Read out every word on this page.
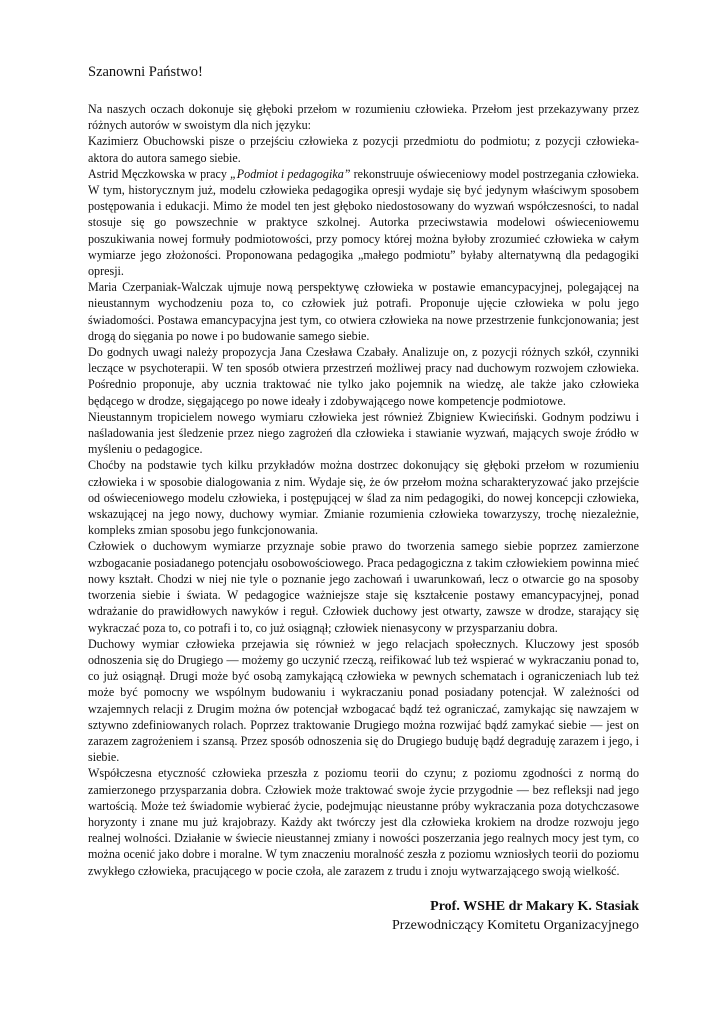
Szanowni Państwo!

Na naszych oczach dokonuje się głęboki przełom w rozumieniu człowieka. Przełom jest przekazywany przez różnych autorów w swoistym dla nich języku:

Kazimierz Obuchowski pisze o przejściu człowieka z pozycji przedmiotu do podmiotu; z pozycji człowieka-aktora do autora samego siebie.

Astrid Męczkowska w pracy „Podmiot i pedagogika” rekonstruuje oświeceniowy model postrzegania człowieka. W tym, historycznym już, modelu człowieka pedagogika opresji wydaje się być jedynym właściwym sposobem postępowania i edukacji. Mimo że model ten jest głęboko niedostosowany do wyzwań współczesności, to nadal stosuje się go powszechnie w praktyce szkolnej. Autorka przeciwstawia modelowi oświeceniowemu poszukiwania nowej formuły podmiotowości, przy pomocy której można byłoby zrozumieć człowieka w całym wymiarze jego złożoności. Proponowana pedagogika „małego podmiotu” byłaby alternatywną dla pedagogiki opresji.

Maria Czerpaniak-Walczak ujmuje nową perspektywę człowieka w postawie emancypacyjnej, polegającej na nieustannym wychodzeniu poza to, co człowiek już potrafi. Proponuje ujęcie człowieka w polu jego świadomości. Postawa emancypacyjna jest tym, co otwiera człowieka na nowe przestrzenie funkcjonowania; jest drogą do sięgania po nowe i po budowanie samego siebie.

Do godnych uwagi należy propozycja Jana Czesława Czabały. Analizuje on, z pozycji różnych szkół, czynniki leczące w psychoterapii. W ten sposób otwiera przestrzeń możliwej pracy nad duchowym rozwojem człowieka. Pośrednio proponuje, aby ucznia traktować nie tylko jako pojemnik na wiedzę, ale także jako człowieka będącego w drodze, sięgającego po nowe ideały i zdobywającego nowe kompetencje podmiotowe.

Nieustannym tropicielem nowego wymiaru człowieka jest również Zbigniew Kwieciński. Godnym podziwu i naśladowania jest śledzenie przez niego zagrożeń dla człowieka i stawianie wyzwań, mających swoje źródło w myśleniu o pedagogice.

Choćby na podstawie tych kilku przykładów można dostrzec dokonujący się głęboki przełom w rozumieniu człowieka i w sposobie dialogowania z nim. Wydaje się, że ów przełom można scharakteryzować jako przejście od oświeceniowego modelu człowieka, i postępującej w ślad za nim pedagogiki, do nowej koncepcji człowieka, wskazującej na jego nowy, duchowy wymiar. Zmianie rozumienia człowieka towarzyszy, trochę niezależnie, kompleks zmian sposobu jego funkcjonowania.

Człowiek o duchowym wymiarze przyznaje sobie prawo do tworzenia samego siebie poprzez zamierzone wzbogacanie posiadanego potencjału osobowościowego. Praca pedagogiczna z takim człowiekiem powinna mieć nowy kształt. Chodzi w niej nie tyle o poznanie jego zachowań i uwarunkowań, lecz o otwarcie go na sposoby tworzenia siebie i świata. W pedagogice ważniejsze staje się kształcenie postawy emancypacyjnej, ponad wdrażanie do prawidłowych nawyków i reguł. Człowiek duchowy jest otwarty, zawsze w drodze, starający się wykraczać poza to, co potrafi i to, co już osiągnął; człowiek nienasycony w przysparzaniu dobra.

Duchowy wymiar człowieka przejawia się również w jego relacjach społecznych. Kluczowy jest sposób odnoszenia się do Drugiego — możemy go uczynić rzeczą, reifikować lub też wspierać w wykraczaniu ponad to, co już osiągnął. Drugi może być osobą zamykającą człowieka w pewnych schematach i ograniczeniach lub też może być pomocny we wspólnym budowaniu i wykraczaniu ponad posiadany potencjał. W zależności od wzajemnych relacji z Drugim można ów potencjał wzbogacać bądź też ograniczać, zamykając się nawzajem w sztywno zdefiniowanych rolach. Poprzez traktowanie Drugiego można rozwijać bądź zamykać siebie — jest on zarazem zagrożeniem i szansą. Przez sposób odnoszenia się do Drugiego buduję bądź degraduję zarazem i jego, i siebie.

Współczesna etyczność człowieka przeszła z poziomu teorii do czynu; z poziomu zgodności z normą do zamierzonego przysparzania dobra. Człowiek może traktować swoje życie przygodnie — bez refleksji nad jego wartością. Może też świadomie wybierać życie, podejmując nieustanne próby wykraczania poza dotychczasowe horyzonty i znane mu już krajobrazy. Każdy akt twórczy jest dla człowieka krokiem na drodze rozwoju jego realnej wolności. Działanie w świecie nieustannej zmiany i nowości poszerzania jego realnych mocy jest tym, co można ocenić jako dobre i moralne. W tym znaczeniu moralność zeszła z poziomu wzniosłych teorii do poziomu zwykłego człowieka, pracującego w pocie czoła, ale zarazem z trudu i znoju wytwarzającego swoją wielkość.

Prof. WSHE dr Makary K. Stasiak
Przewodniczący Komitetu Organizacyjnego
